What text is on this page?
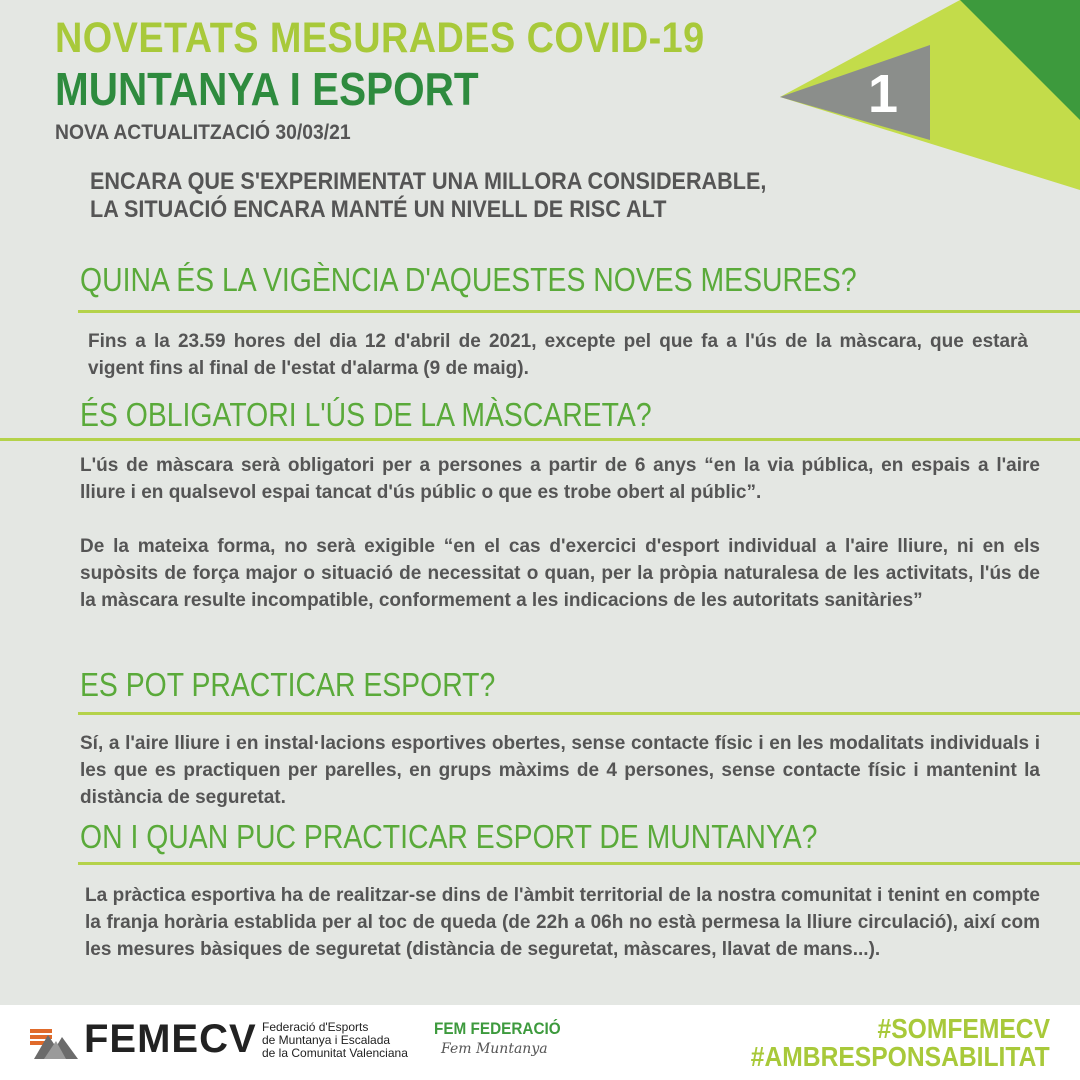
1
NOVETATS MESURADES COVID-19
MUNTANYA I ESPORT
NOVA ACTUALITZACIÓ 30/03/21
ENCARA QUE S'EXPERIMENTAT UNA MILLORA CONSIDERABLE,
LA SITUACIÓ ENCARA MANTÉ UN NIVELL DE RISC ALT
QUINA ÉS LA VIGÈNCIA D'AQUESTES NOVES MESURES?
Fins a la 23.59 hores del dia 12 d'abril de 2021, excepte pel que fa a l'ús de la màscara, que estarà vigent fins al final de l'estat d'alarma (9 de maig).
ÉS OBLIGATORI L'ÚS DE LA MÀSCARETA?
L'ús de màscara serà obligatori per a persones a partir de 6 anys “en la via pública, en espais a l'aire lliure i en qualsevol espai tancat d'ús públic o que es trobe obert al públic”.
De la mateixa forma, no serà exigible “en el cas d'exercici d'esport individual a l'aire lliure, ni en els supòsits de força major o situació de necessitat o quan, per la pròpia naturalesa de les activitats, l'ús de la màscara resulte incompatible, conformement a les indicacions de les autoritats sanitàries”
ES POT PRACTICAR ESPORT?
Sí, a l'aire lliure i en instal·lacions esportives obertes, sense contacte físic i en les modalitats individuals i les que es practiquen per parelles, en grups màxims de 4 persones, sense contacte físic i mantenint la distància de seguretat.
ON I QUAN PUC PRACTICAR ESPORT DE MUNTANYA?
La pràctica esportiva ha de realitzar-se dins de l'àmbit territorial de la nostra comunitat i tenint en compte la franja horària establida per al toc de queda (de 22h a 06h no està permesa la lliure circulació), així com les mesures bàsiques de seguretat (distància de seguretat, màscares, llavat de mans...).
FEMECV Federació d'Esports
de Muntanya i Escalada
de la Comunitat Valenciana
FEM FEDERACIÓ
Fem Muntanya
#SOMFEMECV
#AMBRESPONSABILITAT
